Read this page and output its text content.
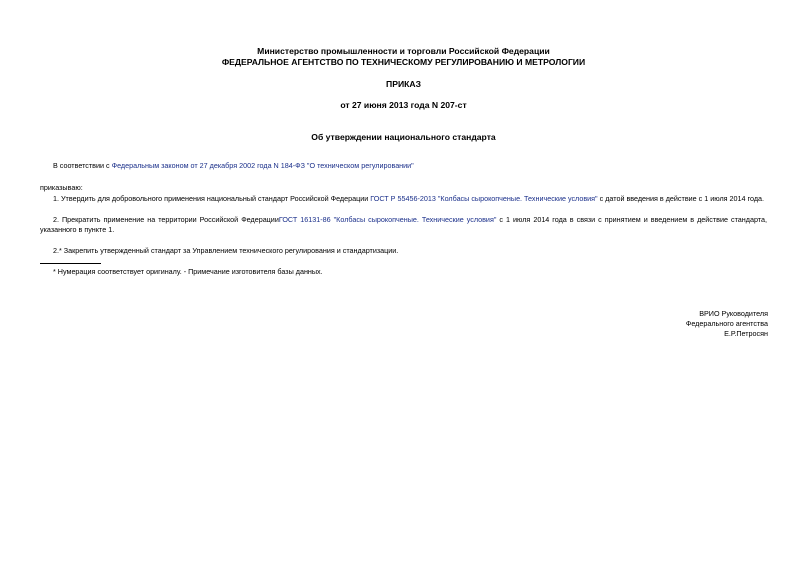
Министерство промышленности и торговли Российской Федерации
ФЕДЕРАЛЬНОЕ АГЕНТСТВО ПО ТЕХНИЧЕСКОМУ РЕГУЛИРОВАНИЮ И МЕТРОЛОГИИ
ПРИКАЗ
от 27 июня 2013 года N 207-ст
Об утверждении национального стандарта
В соответствии с Федеральным законом от 27 декабря 2002 года N 184-ФЗ "О техническом регулировании"
приказываю:
1. Утвердить для добровольного применения национальный стандарт Российской Федерации ГОСТ Р 55456-2013 "Колбасы сырокопченые. Технические условия" с датой введения в действие с 1 июля 2014 года.
2. Прекратить применение на территории Российской ФедерацииГОСТ 16131-86 "Колбасы сырокопченые. Технические условия" с 1 июля 2014 года в связи с принятием и введением в действие стандарта, указанного в пункте 1.
2.* Закрепить утвержденный стандарт за Управлением технического регулирования и стандартизации.
* Нумерация соответствует оригиналу. - Примечание изготовителя базы данных.
ВРИО Руководителя
Федерального агентства
Е.Р.Петросян
